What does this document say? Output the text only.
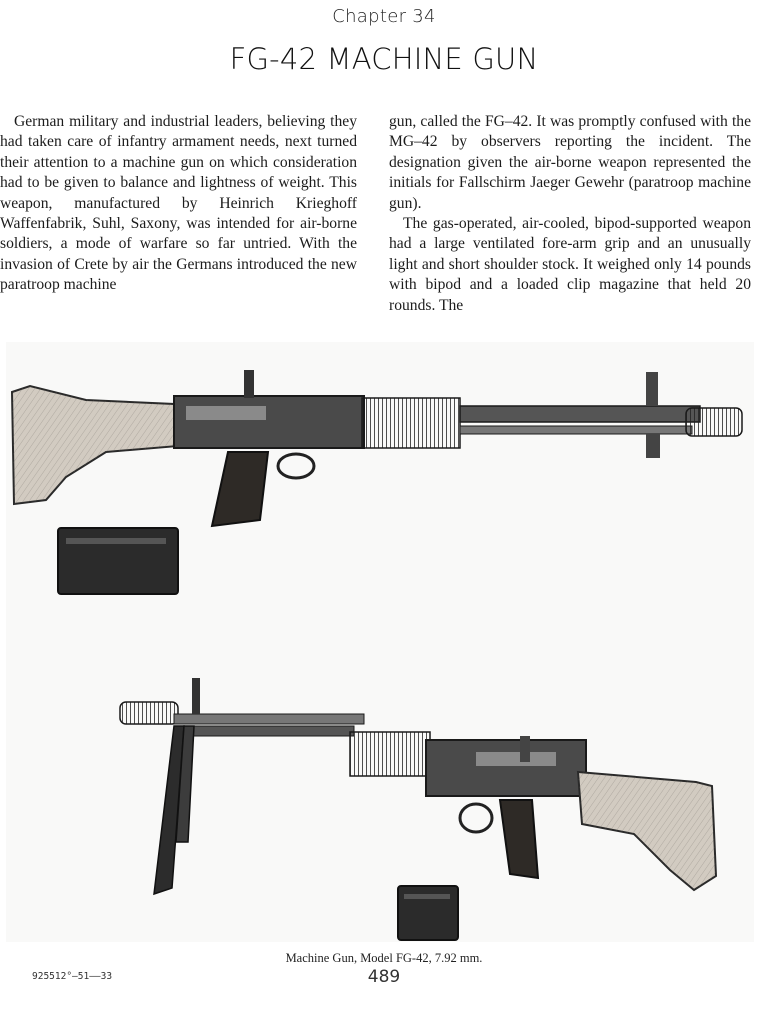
Chapter 34
FG-42 MACHINE GUN

German military and industrial leaders, believing they had taken care of infantry armament needs, next turned their attention to a machine gun on which consideration had to be given to balance and lightness of weight. This weapon, manufactured by Heinrich Krieghoff Waffenfabrik, Suhl, Saxony, was intended for air-borne soldiers, a mode of warfare so far untried. With the invasion of Crete by air the Germans introduced the new paratroop machine

gun, called the FG–42. It was promptly confused with the MG–42 by observers reporting the incident. The designation given the air-borne weapon represented the initials for Fallschirm Jaeger Gewehr (paratroop machine gun).

The gas-operated, air-cooled, bipod-supported weapon had a large ventilated fore-arm grip and an unusually light and short shoulder stock. It weighed only 14 pounds with bipod and a loaded clip magazine that held 20 rounds. The

Machine Gun, Model FG-42, 7.92 mm.
489
925512°—51——33
